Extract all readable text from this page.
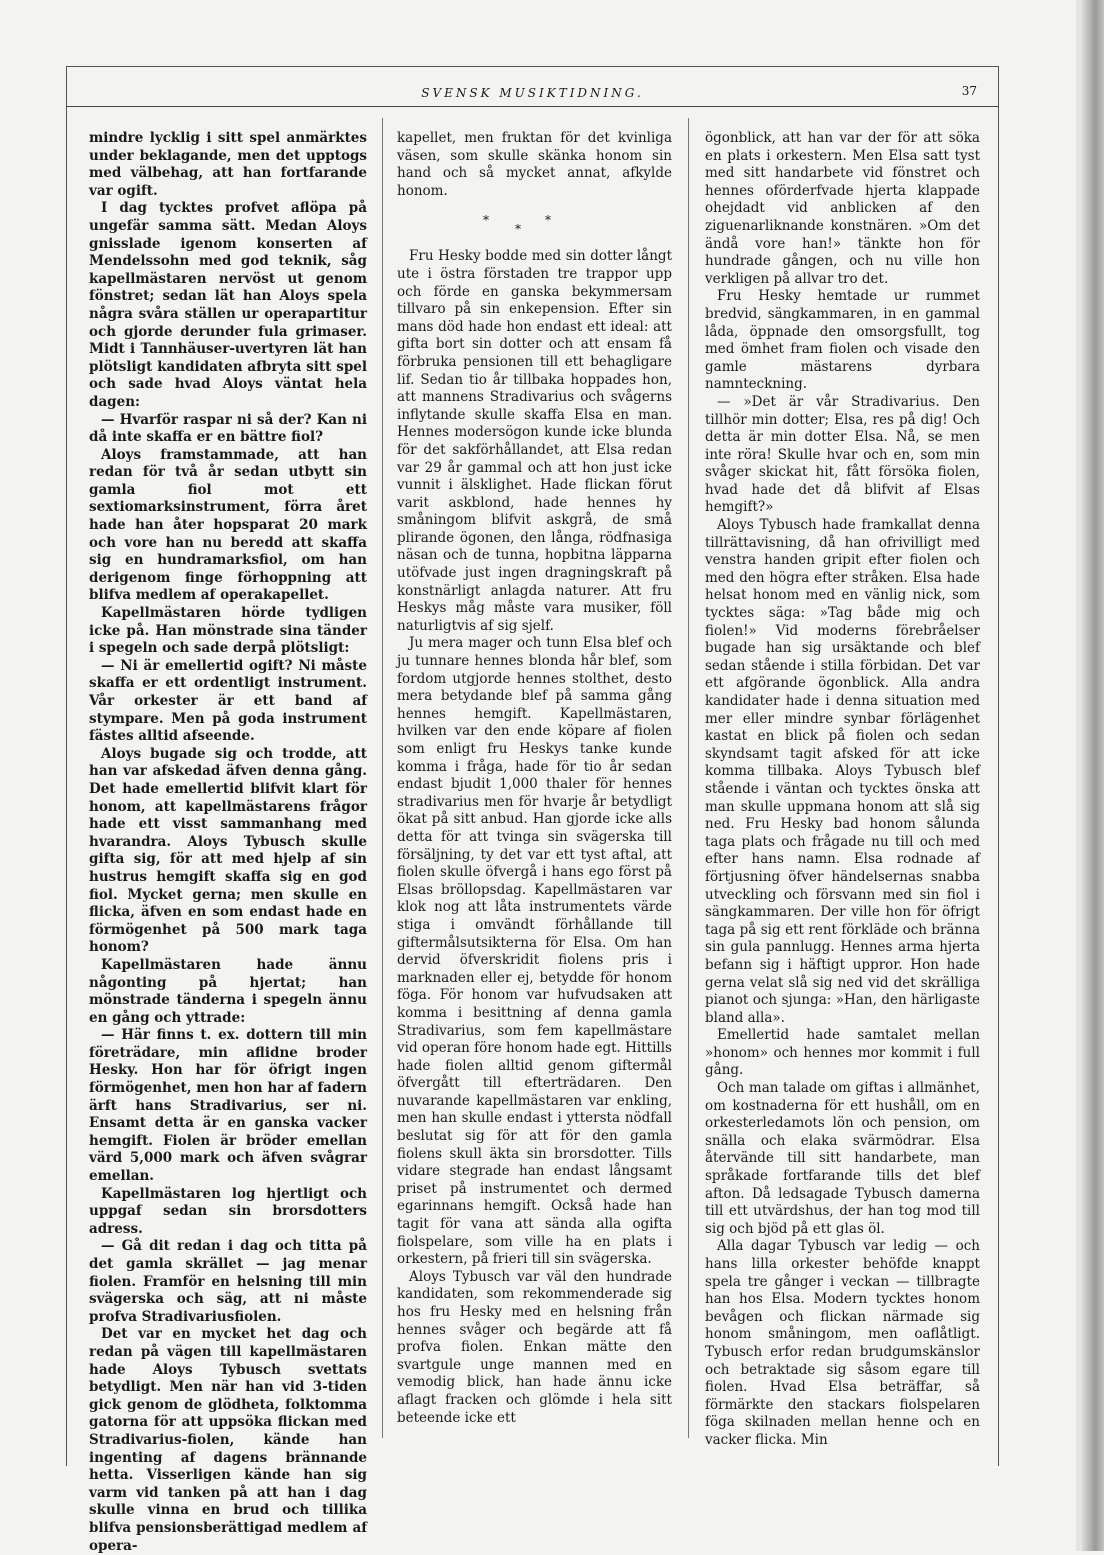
SVENSK MUSIKTIDNING.	37

mindre lycklig i sitt spel anmärktes under beklagande, men det upptogs med välbehag, att han fortfarande var ogift.

I dag tycktes profvet aflöpa på ungefär samma sätt. Medan Aloys gnisslade igenom konserten af Mendelssohn med god teknik, såg kapellmästaren nervöst ut genom fönstret; sedan lät han Aloys spela några svåra ställen ur operapartitur och gjorde derunder fula grimaser. Midt i Tannhäuser-uvertyren lät han plötsligt kandidaten afbryta sitt spel och sade hvad Aloys väntat hela dagen:

— Hvarför raspar ni så der? Kan ni då inte skaffa er en bättre fiol?

Aloys framstammade, att han redan för två år sedan utbytt sin gamla fiol mot ett sextiomarksinstrument, förra året hade han åter hopsparat 20 mark och vore han nu beredd att skaffa sig en hundramarksfiol, om han derigenom finge förhoppning att blifva medlem af operakapellet.

Kapellmästaren hörde tydligen icke på. Han mönstrade sina tänder i spegeln och sade derpå plötsligt:

— Ni är emellertid ogift? Ni måste skaffa er ett ordentligt instrument. Vår orkester är ett band af stympare. Men på goda instrument fästes alltid afseende.

Aloys bugade sig och trodde, att han var afskedad äfven denna gång. Det hade emellertid blifvit klart för honom, att kapellmästarens frågor hade ett visst sammanhang med hvarandra. Aloys Tybusch skulle gifta sig, för att med hjelp af sin hustrus hemgift skaffa sig en god fiol. Mycket gerna; men skulle en flicka, äfven en som endast hade en förmögenhet på 500 mark taga honom?

Kapellmästaren hade ännu någonting på hjertat; han mönstrade tänderna i spegeln ännu en gång och yttrade:

— Här finns t. ex. dottern till min företrädare, min aflidne broder Hesky. Hon har för öfrigt ingen förmögenhet, men hon har af fadern ärft hans Stradivarius, ser ni. Ensamt detta är en ganska vacker hemgift. Fiolen är bröder emellan värd 5,000 mark och äfven svågrar emellan.

Kapellmästaren log hjertligt och uppgaf sedan sin brorsdotters adress.

— Gå dit redan i dag och titta på det gamla skrället — jag menar fiolen. Framför en helsning till min svägerska och säg, att ni måste profva Stradivariusfiolen.

Det var en mycket het dag och redan på vägen till kapellmästaren hade Aloys Tybusch svettats betydligt. Men när han vid 3-tiden gick genom de glödheta, folktomma gatorna för att uppsöka flickan med Stradivarius-fiolen, kände han ingenting af dagens brännande hetta. Visserligen kände han sig varm vid tanken på att han i dag skulle vinna en brud och tillika blifva pensionsberättigad medlem af opera-

kapellet, men fruktan för det kvinliga väsen, som skulle skänka honom sin hand och så mycket annat, afkylde honom.

*	*
*

Fru Hesky bodde med sin dotter långt ute i östra förstaden tre trappor upp och förde en ganska bekymmersam tillvaro på sin enkepension. Efter sin mans död hade hon endast ett ideal: att gifta bort sin dotter och att ensam få förbruka pensionen till ett behagligare lif. Sedan tio år tillbaka hoppades hon, att mannens Stradivarius och svågerns inflytande skulle skaffa Elsa en man. Hennes modersögon kunde icke blunda för det sakförhållandet, att Elsa redan var 29 år gammal och att hon just icke vunnit i älsklighet. Hade flickan förut varit askblond, hade hennes hy småningom blifvit askgrå, de små plirande ögonen, den långa, rödfnasiga näsan och de tunna, hopbitna läpparna utöfvade just ingen dragningskraft på konstnärligt anlagda naturer. Att fru Heskys måg måste vara musiker, föll naturligtvis af sig sjelf.

Ju mera mager och tunn Elsa blef och ju tunnare hennes blonda hår blef, som fordom utgjorde hennes stolthet, desto mera betydande blef på samma gång hennes hemgift. Kapellmästaren, hvilken var den ende köpare af fiolen som enligt fru Heskys tanke kunde komma i fråga, hade för tio år sedan endast bjudit 1,000 thaler för hennes stradivarius men för hvarje år betydligt ökat på sitt anbud. Han gjorde icke alls detta för att tvinga sin svägerska till försäljning, ty det var ett tyst aftal, att fiolen skulle öfvergå i hans ego först på Elsas bröllopsdag. Kapellmästaren var klok nog att låta instrumentets värde stiga i omvändt förhållande till giftermålsutsikterna för Elsa. Om han dervid öfverskridit fiolens pris i marknaden eller ej, betydde för honom föga. För honom var hufvudsaken att komma i besittning af denna gamla Stradivarius, som fem kapellmästare vid operan före honom hade egt. Hittills hade fiolen alltid genom giftermål öfvergått till efterträdaren. Den nuvarande kapellmästaren var enkling, men han skulle endast i yttersta nödfall beslutat sig för att för den gamla fiolens skull äkta sin brorsdotter. Tills vidare stegrade han endast långsamt priset på instrumentet och dermed egarinnans hemgift. Också hade han tagit för vana att sända alla ogifta fiolspelare, som ville ha en plats i orkestern, på frieri till sin svägerska.

Aloys Tybusch var väl den hundrade kandidaten, som rekommenderade sig hos fru Hesky med en helsning från hennes svåger och begärde att få profva fiolen. Enkan mätte den svartgule unge mannen med en vemodig blick, han hade ännu icke aflagt fracken och glömde i hela sitt beteende icke ett

ögonblick, att han var der för att söka en plats i orkestern. Men Elsa satt tyst med sitt handarbete vid fönstret och hennes oförderfvade hjerta klappade ohejdadt vid anblicken af den ziguenarliknande konstnären. »Om det ändå vore han!» tänkte hon för hundrade gången, och nu ville hon verkligen på allvar tro det.

Fru Hesky hemtade ur rummet bredvid, sängkammaren, in en gammal låda, öppnade den omsorgsfullt, tog med ömhet fram fiolen och visade den gamle mästarens dyrbara namnteckning.

— »Det är vår Stradivarius. Den tillhör min dotter; Elsa, res på dig! Och detta är min dotter Elsa. Nå, se men inte röra! Skulle hvar och en, som min svåger skickat hit, fått försöka fiolen, hvad hade det då blifvit af Elsas hemgift?»

Aloys Tybusch hade framkallat denna tillrättavisning, då han ofrivilligt med venstra handen gripit efter fiolen och med den högra efter stråken. Elsa hade helsat honom med en vänlig nick, som tycktes säga: »Tag både mig och fiolen!» Vid moderns förebråelser bugade han sig ursäktande och blef sedan stående i stilla förbidan. Det var ett afgörande ögonblick. Alla andra kandidater hade i denna situation med mer eller mindre synbar förlägenhet kastat en blick på fiolen och sedan skyndsamt tagit afsked för att icke komma tillbaka. Aloys Tybusch blef stående i väntan och tycktes önska att man skulle uppmana honom att slå sig ned. Fru Hesky bad honom sålunda taga plats och frågade nu till och med efter hans namn. Elsa rodnade af förtjusning öfver händelsernas snabba utveckling och försvann med sin fiol i sängkammaren. Der ville hon för öfrigt taga på sig ett rent förkläde och bränna sin gula pannlugg. Hennes arma hjerta befann sig i häftigt uppror. Hon hade gerna velat slå sig ned vid det skrälliga pianot och sjunga: »Han, den härligaste bland alla».

Emellertid hade samtalet mellan »honom» och hennes mor kommit i full gång.

Och man talade om giftas i allmänhet, om kostnaderna för ett hushåll, om en orkesterledamots lön och pension, om snälla och elaka svärmödrar. Elsa återvände till sitt handarbete, man språkade fortfarande tills det blef afton. Då ledsagade Tybusch damerna till ett utvärdshus, der han tog mod till sig och bjöd på ett glas öl.

Alla dagar Tybusch var ledig — och hans lilla orkester behöfde knappt spela tre gånger i veckan — tillbragte han hos Elsa. Modern tycktes honom bevågen och flickan närmade sig honom småningom, men oaflåtligt. Tybusch erfor redan brudgumskänslor och betraktade sig såsom egare till fiolen. Hvad Elsa beträffar, så förmärkte den stackars fiolspelaren föga skilnaden mellan henne och en vacker flicka. Min
